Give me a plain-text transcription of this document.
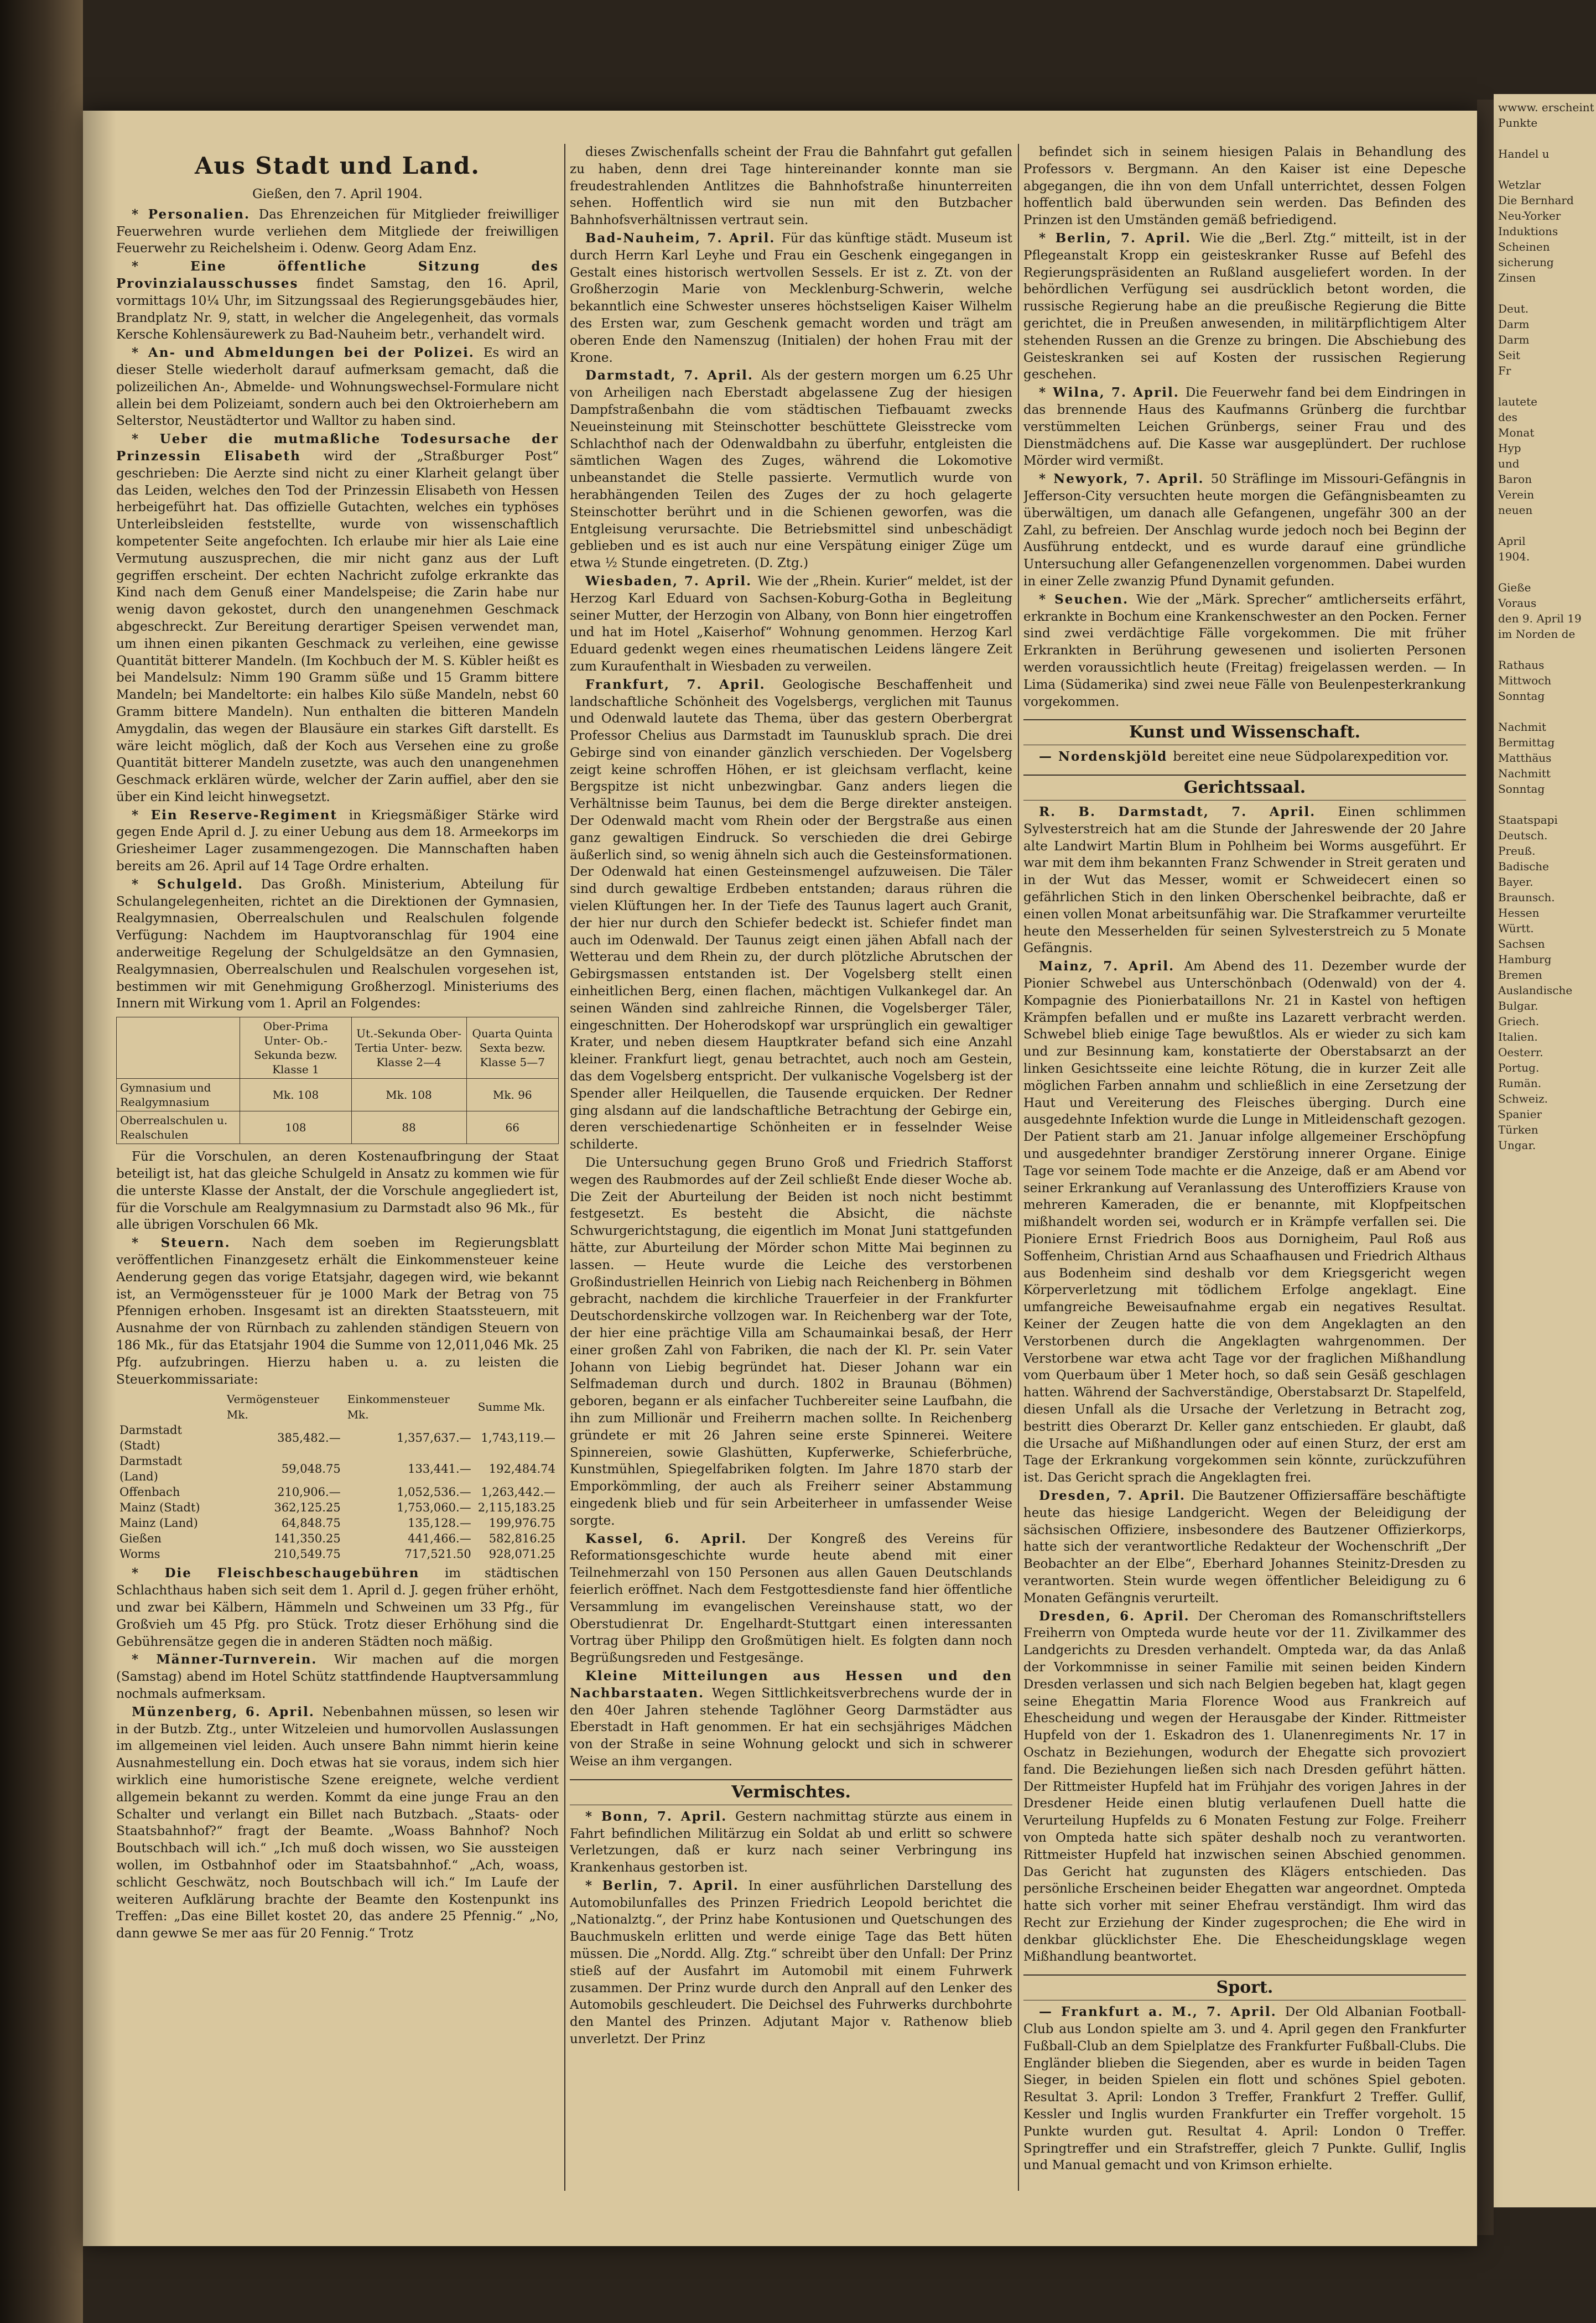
wwww. erscheint
Punkte

Handel u

Wetzlar
Die Bernhard
Neu-Yorker
Induktions
Scheinen
sicherung
Zinsen

Deut.
Darm
Darm
Seit
Fr

lautete
des
Monat
Hyp
und
Baron
Verein
neuen

April
1904.

Gieße
Voraus
den 9. April 19
im Norden de

Rathaus
Mittwoch
Sonntag

Nachmit
Bermittag
Matthäus
Nachmitt
Sonntag

Staatspapi
Deutsch.
Preuß.
Badische
Bayer.
Braunsch.
Hessen
Württ.
Sachsen
Hamburg
Bremen
Auslandische
Bulgar.
Griech.
Italien.
Oesterr.
Portug.
Rumän.
Schweiz.
Spanier
Türken
Ungar.
Aus Stadt und Land.
Gießen, den 7. April 1904.

* Personalien. Das Ehrenzeichen für Mitglieder freiwilliger Feuerwehren wurde verliehen dem Mitgliede der freiwilligen Feuerwehr zu Reichelsheim i. Odenw. Georg Adam Enz.

* Eine öffentliche Sitzung des Provinzialausschusses findet Samstag, den 16. April, vormittags 10¼ Uhr, im Sitzungssaal des Regierungsgebäudes hier, Brandplatz Nr. 9, statt, in welcher die Angelegenheit, das vormals Kersche Kohlensäurewerk zu Bad-Nauheim betr., verhandelt wird.

* An- und Abmeldungen bei der Polizei. Es wird an dieser Stelle wiederholt darauf aufmerksam gemacht, daß die polizeilichen An-, Abmelde- und Wohnungswechsel-Formulare nicht allein bei dem Polizeiamt, sondern auch bei den Oktroierhebern am Selterstor, Neustädtertor und Walltor zu haben sind.

* Ueber die mutmaßliche Todesursache der Prinzessin Elisabeth wird der „Straßburger Post“ geschrieben: Die Aerzte sind nicht zu einer Klarheit gelangt über das Leiden, welches den Tod der Prinzessin Elisabeth von Hessen herbeigeführt hat. Das offizielle Gutachten, welches ein typhöses Unterleibsleiden feststellte, wurde von wissenschaftlich kompetenter Seite angefochten. Ich erlaube mir hier als Laie eine Vermutung auszusprechen, die mir nicht ganz aus der Luft gegriffen erscheint. Der echten Nachricht zufolge erkrankte das Kind nach dem Genuß einer Mandelspeise; die Zarin habe nur wenig davon gekostet, durch den unangenehmen Geschmack abgeschreckt. Zur Bereitung derartiger Speisen verwendet man, um ihnen einen pikanten Geschmack zu verleihen, eine gewisse Quantität bitterer Mandeln. (Im Kochbuch der M. S. Kübler heißt es bei Mandelsulz: Nimm 190 Gramm süße und 15 Gramm bittere Mandeln; bei Mandeltorte: ein halbes Kilo süße Mandeln, nebst 60 Gramm bittere Mandeln). Nun enthalten die bitteren Mandeln Amygdalin, das wegen der Blausäure ein starkes Gift darstellt. Es wäre leicht möglich, daß der Koch aus Versehen eine zu große Quantität bitterer Mandeln zusetzte, was auch den unangenehmen Geschmack erklären würde, welcher der Zarin auffiel, aber den sie über ein Kind leicht hinwegsetzt.

* Ein Reserve-Regiment in Kriegsmäßiger Stärke wird gegen Ende April d. J. zu einer Uebung aus dem 18. Armeekorps im Griesheimer Lager zusammengezogen. Die Mannschaften haben bereits am 26. April auf 14 Tage Ordre erhalten.

* Schulgeld. Das Großh. Ministerium, Abteilung für Schulangelegenheiten, richtet an die Direktionen der Gymnasien, Realgymnasien, Oberrealschulen und Realschulen folgende Verfügung: Nachdem im Hauptvoranschlag für 1904 eine anderweitige Regelung der Schulgeldsätze an den Gymnasien, Realgymnasien, Oberrealschulen und Realschulen vorgesehen ist, bestimmen wir mit Genehmigung Großherzogl. Ministeriums des Innern mit Wirkung vom 1. April an Folgendes:

	Ober-Prima Unter- Ob.-Sekunda bezw. Klasse 1	Ut.-Sekunda Ober-Tertia Unter- bezw. Klasse 2—4	Quarta Quinta Sexta bezw. Klasse 5—7
Gymnasium und Realgymnasium	Mk. 108	Mk. 108	Mk. 96
Oberrealschulen u. Realschulen	108	88	66

Für die Vorschulen, an deren Kostenaufbringung der Staat beteiligt ist, hat das gleiche Schulgeld in Ansatz zu kommen wie für die unterste Klasse der Anstalt, der die Vorschule angegliedert ist, für die Vorschule am Realgymnasium zu Darmstadt also 96 Mk., für alle übrigen Vorschulen 66 Mk.

* Steuern. Nach dem soeben im Regierungsblatt veröffentlichen Finanzgesetz erhält die Einkommensteuer keine Aenderung gegen das vorige Etatsjahr, dagegen wird, wie bekannt ist, an Vermögenssteuer für je 1000 Mark der Betrag von 75 Pfennigen erhoben. Insgesamt ist an direkten Staatssteuern, mit Ausnahme der von Rürnbach zu zahlenden ständigen Steuern von 186 Mk., für das Etatsjahr 1904 die Summe von 12,011,046 Mk. 25 Pfg. aufzubringen. Hierzu haben u. a. zu leisten die Steuerkommissariate:

	Vermögensteuer Mk.	Einkommensteuer Mk.	Summe Mk.
Darmstadt (Stadt)	385,482.—	1,357,637.—	1,743,119.—
Darmstadt (Land)	59,048.75	133,441.—	192,484.74
Offenbach	210,906.—	1,052,536.—	1,263,442.—
Mainz (Stadt)	362,125.25	1,753,060.—	2,115,183.25
Mainz (Land)	64,848.75	135,128.—	199,976.75
Gießen	141,350.25	441,466.—	582,816.25
Worms	210,549.75	717,521.50	928,071.25

* Die Fleischbeschaugebühren im städtischen Schlachthaus haben sich seit dem 1. April d. J. gegen früher erhöht, und zwar bei Kälbern, Hämmeln und Schweinen um 33 Pfg., für Großvieh um 45 Pfg. pro Stück. Trotz dieser Erhöhung sind die Gebührensätze gegen die in anderen Städten noch mäßig.

* Männer-Turnverein. Wir machen auf die morgen (Samstag) abend im Hotel Schütz stattfindende Hauptversammlung nochmals aufmerksam.

Münzenberg, 6. April. Nebenbahnen müssen, so lesen wir in der Butzb. Ztg., unter Witzeleien und humorvollen Auslassungen im allgemeinen viel leiden. Auch unsere Bahn nimmt hierin keine Ausnahmestellung ein. Doch etwas hat sie voraus, indem sich hier wirklich eine humoristische Szene ereignete, welche verdient allgemein bekannt zu werden. Kommt da eine junge Frau an den Schalter und verlangt ein Billet nach Butzbach. „Staats- oder Staatsbahnhof?“ fragt der Beamte. „Woass Bahnhof? Noch Boutschbach will ich.“ „Ich muß doch wissen, wo Sie aussteigen wollen, im Ostbahnhof oder im Staatsbahnhof.“ „Ach, woass, schlicht Geschwätz, noch Boutschbach will ich.“ Im Laufe der weiteren Aufklärung brachte der Beamte den Kostenpunkt ins Treffen: „Das eine Billet kostet 20, das andere 25 Pfennig.“ „No, dann gewwe Se mer aas für 20 Fennig.“ Trotz

dieses Zwischenfalls scheint der Frau die Bahnfahrt gut gefallen zu haben, denn drei Tage hintereinander konnte man sie freudestrahlenden Antlitzes die Bahnhofstraße hinunterreiten sehen. Hoffentlich wird sie nun mit den Butzbacher Bahnhofsverhältnissen vertraut sein.

Bad-Nauheim, 7. April. Für das künftige städt. Museum ist durch Herrn Karl Leyhe und Frau ein Geschenk eingegangen in Gestalt eines historisch wertvollen Sessels. Er ist z. Zt. von der Großherzogin Marie von Mecklenburg-Schwerin, welche bekanntlich eine Schwester unseres höchstseligen Kaiser Wilhelm des Ersten war, zum Geschenk gemacht worden und trägt am oberen Ende den Namenszug (Initialen) der hohen Frau mit der Krone.

Darmstadt, 7. April. Als der gestern morgen um 6.25 Uhr von Arheiligen nach Eberstadt abgelassene Zug der hiesigen Dampfstraßenbahn die vom städtischen Tiefbauamt zwecks Neueinsteinung mit Steinschotter beschüttete Gleisstrecke vom Schlachthof nach der Odenwaldbahn zu überfuhr, entgleisten die sämtlichen Wagen des Zuges, während die Lokomotive unbeanstandet die Stelle passierte. Vermutlich wurde von herabhängenden Teilen des Zuges der zu hoch gelagerte Steinschotter berührt und in die Schienen geworfen, was die Entgleisung verursachte. Die Betriebsmittel sind unbeschädigt geblieben und es ist auch nur eine Verspätung einiger Züge um etwa ½ Stunde eingetreten. (D. Ztg.)

Wiesbaden, 7. April. Wie der „Rhein. Kurier“ meldet, ist der Herzog Karl Eduard von Sachsen-Koburg-Gotha in Begleitung seiner Mutter, der Herzogin von Albany, von Bonn hier eingetroffen und hat im Hotel „Kaiserhof“ Wohnung genommen. Herzog Karl Eduard gedenkt wegen eines rheumatischen Leidens längere Zeit zum Kuraufenthalt in Wiesbaden zu verweilen.

Frankfurt, 7. April. Geologische Beschaffenheit und landschaftliche Schönheit des Vogelsbergs, verglichen mit Taunus und Odenwald lautete das Thema, über das gestern Oberbergrat Professor Chelius aus Darmstadt im Taunusklub sprach. Die drei Gebirge sind von einander gänzlich verschieden. Der Vogelsberg zeigt keine schroffen Höhen, er ist gleichsam verflacht, keine Bergspitze ist nicht unbezwingbar. Ganz anders liegen die Verhältnisse beim Taunus, bei dem die Berge direkter ansteigen. Der Odenwald macht vom Rhein oder der Bergstraße aus einen ganz gewaltigen Eindruck. So verschieden die drei Gebirge äußerlich sind, so wenig ähneln sich auch die Gesteinsformationen. Der Odenwald hat einen Gesteinsmengel aufzuweisen. Die Täler sind durch gewaltige Erdbeben entstanden; daraus rühren die vielen Klüftungen her. In der Tiefe des Taunus lagert auch Granit, der hier nur durch den Schiefer bedeckt ist. Schiefer findet man auch im Odenwald. Der Taunus zeigt einen jähen Abfall nach der Wetterau und dem Rhein zu, der durch plötzliche Abrutschen der Gebirgsmassen entstanden ist. Der Vogelsberg stellt einen einheitlichen Berg, einen flachen, mächtigen Vulkankegel dar. An seinen Wänden sind zahlreiche Rinnen, die Vogelsberger Täler, eingeschnitten. Der Hoherodskopf war ursprünglich ein gewaltiger Krater, und neben diesem Hauptkrater befand sich eine Anzahl kleiner. Frankfurt liegt, genau betrachtet, auch noch am Gestein, das dem Vogelsberg entspricht. Der vulkanische Vogelsberg ist der Spender aller Heilquellen, die Tausende erquicken. Der Redner ging alsdann auf die landschaftliche Betrachtung der Gebirge ein, deren verschiedenartige Schönheiten er in fesselnder Weise schilderte.

Die Untersuchung gegen Bruno Groß und Friedrich Stafforst wegen des Raubmordes auf der Zeil schließt Ende dieser Woche ab. Die Zeit der Aburteilung der Beiden ist noch nicht bestimmt festgesetzt. Es besteht die Absicht, die nächste Schwurgerichtstagung, die eigentlich im Monat Juni stattgefunden hätte, zur Aburteilung der Mörder schon Mitte Mai beginnen zu lassen. — Heute wurde die Leiche des verstorbenen Großindustriellen Heinrich von Liebig nach Reichenberg in Böhmen gebracht, nachdem die kirchliche Trauerfeier in der Frankfurter Deutschordenskirche vollzogen war. In Reichenberg war der Tote, der hier eine prächtige Villa am Schaumainkai besaß, der Herr einer großen Zahl von Fabriken, die nach der Kl. Pr. sein Vater Johann von Liebig begründet hat. Dieser Johann war ein Selfmademan durch und durch. 1802 in Braunau (Böhmen) geboren, begann er als einfacher Tuchbereiter seine Laufbahn, die ihn zum Millionär und Freiherrn machen sollte. In Reichenberg gründete er mit 26 Jahren seine erste Spinnerei. Weitere Spinnereien, sowie Glashütten, Kupferwerke, Schieferbrüche, Kunstmühlen, Spiegelfabriken folgten. Im Jahre 1870 starb der Emporkömmling, der auch als Freiherr seiner Abstammung eingedenk blieb und für sein Arbeiterheer in umfassender Weise sorgte.

Kassel, 6. April. Der Kongreß des Vereins für Reformationsgeschichte wurde heute abend mit einer Teilnehmerzahl von 150 Personen aus allen Gauen Deutschlands feierlich eröffnet. Nach dem Festgottesdienste fand hier öffentliche Versammlung im evangelischen Vereinshause statt, wo der Oberstudienrat Dr. Engelhardt-Stuttgart einen interessanten Vortrag über Philipp den Großmütigen hielt. Es folgten dann noch Begrüßungsreden und Festgesänge.

Kleine Mitteilungen aus Hessen und den Nachbarstaaten. Wegen Sittlichkeitsverbrechens wurde der in den 40er Jahren stehende Taglöhner Georg Darmstädter aus Eberstadt in Haft genommen. Er hat ein sechsjähriges Mädchen von der Straße in seine Wohnung gelockt und sich in schwerer Weise an ihm vergangen.

Vermischtes.

* Bonn, 7. April. Gestern nachmittag stürzte aus einem in Fahrt befindlichen Militärzug ein Soldat ab und erlitt so schwere Verletzungen, daß er kurz nach seiner Verbringung ins Krankenhaus gestorben ist.

* Berlin, 7. April. In einer ausführlichen Darstellung des Automobilunfalles des Prinzen Friedrich Leopold berichtet die „Nationalztg.“, der Prinz habe Kontusionen und Quetschungen des Bauchmuskeln erlitten und werde einige Tage das Bett hüten müssen. Die „Nordd. Allg. Ztg.“ schreibt über den Unfall: Der Prinz stieß auf der Ausfahrt im Automobil mit einem Fuhrwerk zusammen. Der Prinz wurde durch den Anprall auf den Lenker des Automobils geschleudert. Die Deichsel des Fuhrwerks durchbohrte den Mantel des Prinzen. Adjutant Major v. Rathenow blieb unverletzt. Der Prinz

befindet sich in seinem hiesigen Palais in Behandlung des Professors v. Bergmann. An den Kaiser ist eine Depesche abgegangen, die ihn von dem Unfall unterrichtet, dessen Folgen hoffentlich bald überwunden sein werden. Das Befinden des Prinzen ist den Umständen gemäß befriedigend.

* Berlin, 7. April. Wie die „Berl. Ztg.“ mitteilt, ist in der Pflegeanstalt Kropp ein geisteskranker Russe auf Befehl des Regierungspräsidenten an Rußland ausgeliefert worden. In der behördlichen Verfügung sei ausdrücklich betont worden, die russische Regierung habe an die preußische Regierung die Bitte gerichtet, die in Preußen anwesenden, in militärpflichtigem Alter stehenden Russen an die Grenze zu bringen. Die Abschiebung des Geisteskranken sei auf Kosten der russischen Regierung geschehen.

* Wilna, 7. April. Die Feuerwehr fand bei dem Eindringen in das brennende Haus des Kaufmanns Grünberg die furchtbar verstümmelten Leichen Grünbergs, seiner Frau und des Dienstmädchens auf. Die Kasse war ausgeplündert. Der ruchlose Mörder wird vermißt.

* Newyork, 7. April. 50 Sträflinge im Missouri-Gefängnis in Jefferson-City versuchten heute morgen die Gefängnisbeamten zu überwältigen, um danach alle Gefangenen, ungefähr 300 an der Zahl, zu befreien. Der Anschlag wurde jedoch noch bei Beginn der Ausführung entdeckt, und es wurde darauf eine gründliche Untersuchung aller Gefangenenzellen vorgenommen. Dabei wurden in einer Zelle zwanzig Pfund Dynamit gefunden.

* Seuchen. Wie der „Märk. Sprecher“ amtlicherseits erfährt, erkrankte in Bochum eine Krankenschwester an den Pocken. Ferner sind zwei verdächtige Fälle vorgekommen. Die mit früher Erkrankten in Berührung gewesenen und isolierten Personen werden voraussichtlich heute (Freitag) freigelassen werden. — In Lima (Südamerika) sind zwei neue Fälle von Beulenpesterkrankung vorgekommen.

Kunst und Wissenschaft.

— Nordenskjöld bereitet eine neue Südpolarexpedition vor.

Gerichtssaal.

R. B. Darmstadt, 7. April. Einen schlimmen Sylvesterstreich hat am die Stunde der Jahreswende der 20 Jahre alte Landwirt Martin Blum in Pohlheim bei Worms ausgeführt. Er war mit dem ihm bekannten Franz Schwender in Streit geraten und in der Wut das Messer, womit er Schweidecert einen so gefährlichen Stich in den linken Oberschenkel beibrachte, daß er einen vollen Monat arbeitsunfähig war. Die Strafkammer verurteilte heute den Messerhelden für seinen Sylvesterstreich zu 5 Monate Gefängnis.

Mainz, 7. April. Am Abend des 11. Dezember wurde der Pionier Schwebel aus Unterschönbach (Odenwald) von der 4. Kompagnie des Pionierbataillons Nr. 21 in Kastel von heftigen Krämpfen befallen und er mußte ins Lazarett verbracht werden. Schwebel blieb einige Tage bewußtlos. Als er wieder zu sich kam und zur Besinnung kam, konstatierte der Oberstabsarzt an der linken Gesichtsseite eine leichte Rötung, die in kurzer Zeit alle möglichen Farben annahm und schließlich in eine Zersetzung der Haut und Vereiterung des Fleisches überging. Durch eine ausgedehnte Infektion wurde die Lunge in Mitleidenschaft gezogen. Der Patient starb am 21. Januar infolge allgemeiner Erschöpfung und ausgedehnter brandiger Zerstörung innerer Organe. Einige Tage vor seinem Tode machte er die Anzeige, daß er am Abend vor seiner Erkrankung auf Veranlassung des Unteroffiziers Krause von mehreren Kameraden, die er benannte, mit Klopfpeitschen mißhandelt worden sei, wodurch er in Krämpfe verfallen sei. Die Pioniere Ernst Friedrich Boos aus Dornigheim, Paul Roß aus Soffenheim, Christian Arnd aus Schaafhausen und Friedrich Althaus aus Bodenheim sind deshalb vor dem Kriegsgericht wegen Körperverletzung mit tödlichem Erfolge angeklagt. Eine umfangreiche Beweisaufnahme ergab ein negatives Resultat. Keiner der Zeugen hatte die von dem Angeklagten an den Verstorbenen durch die Angeklagten wahrgenommen. Der Verstorbene war etwa acht Tage vor der fraglichen Mißhandlung vom Querbaum über 1 Meter hoch, so daß sein Gesäß geschlagen hatten. Während der Sachverständige, Oberstabsarzt Dr. Stapelfeld, diesen Unfall als die Ursache der Verletzung in Betracht zog, bestritt dies Oberarzt Dr. Keller ganz entschieden. Er glaubt, daß die Ursache auf Mißhandlungen oder auf einen Sturz, der erst am Tage der Erkrankung vorgekommen sein könnte, zurückzuführen ist. Das Gericht sprach die Angeklagten frei.

Dresden, 7. April. Die Bautzener Offiziersaffäre beschäftigte heute das hiesige Landgericht. Wegen der Beleidigung der sächsischen Offiziere, insbesondere des Bautzener Offizierkorps, hatte sich der verantwortliche Redakteur der Wochenschrift „Der Beobachter an der Elbe“, Eberhard Johannes Steinitz-Dresden zu verantworten. Stein wurde wegen öffentlicher Beleidigung zu 6 Monaten Gefängnis verurteilt.

Dresden, 6. April. Der Cheroman des Romanschriftstellers Freiherrn von Ompteda wurde heute vor der 11. Zivilkammer des Landgerichts zu Dresden verhandelt. Ompteda war, da das Anlaß der Vorkommnisse in seiner Familie mit seinen beiden Kindern Dresden verlassen und sich nach Belgien begeben hat, klagt gegen seine Ehegattin Maria Florence Wood aus Frankreich auf Ehescheidung und wegen der Herausgabe der Kinder. Rittmeister Hupfeld von der 1. Eskadron des 1. Ulanenregiments Nr. 17 in Oschatz in Beziehungen, wodurch der Ehegatte sich provoziert fand. Die Beziehungen ließen sich nach Dresden geführt hätten. Der Rittmeister Hupfeld hat im Frühjahr des vorigen Jahres in der Dresdener Heide einen blutig verlaufenen Duell hatte die Verurteilung Hupfelds zu 6 Monaten Festung zur Folge. Freiherr von Ompteda hatte sich später deshalb noch zu verantworten. Rittmeister Hupfeld hat inzwischen seinen Abschied genommen. Das Gericht hat zugunsten des Klägers entschieden. Das persönliche Erscheinen beider Ehegatten war angeordnet. Ompteda hatte sich vorher mit seiner Ehefrau verständigt. Ihm wird das Recht zur Erziehung der Kinder zugesprochen; die Ehe wird in denkbar glücklichster Ehe. Die Ehescheidungsklage wegen Mißhandlung beantwortet.

Sport.

— Frankfurt a. M., 7. April. Der Old Albanian Football-Club aus London spielte am 3. und 4. April gegen den Frankfurter Fußball-Club an dem Spielplatze des Frankfurter Fußball-Clubs. Die Engländer blieben die Siegenden, aber es wurde in beiden Tagen Sieger, in beiden Spielen ein flott und schönes Spiel geboten. Resultat 3. April: London 3 Treffer, Frankfurt 2 Treffer. Gullif, Kessler und Inglis wurden Frankfurter ein Treffer vorgeholt. 15 Punkte wurden gut. Resultat 4. April: London 0 Treffer. Springtreffer und ein Strafstreffer, gleich 7 Punkte. Gullif, Inglis und Manual gemacht und von Krimson erhielte.
